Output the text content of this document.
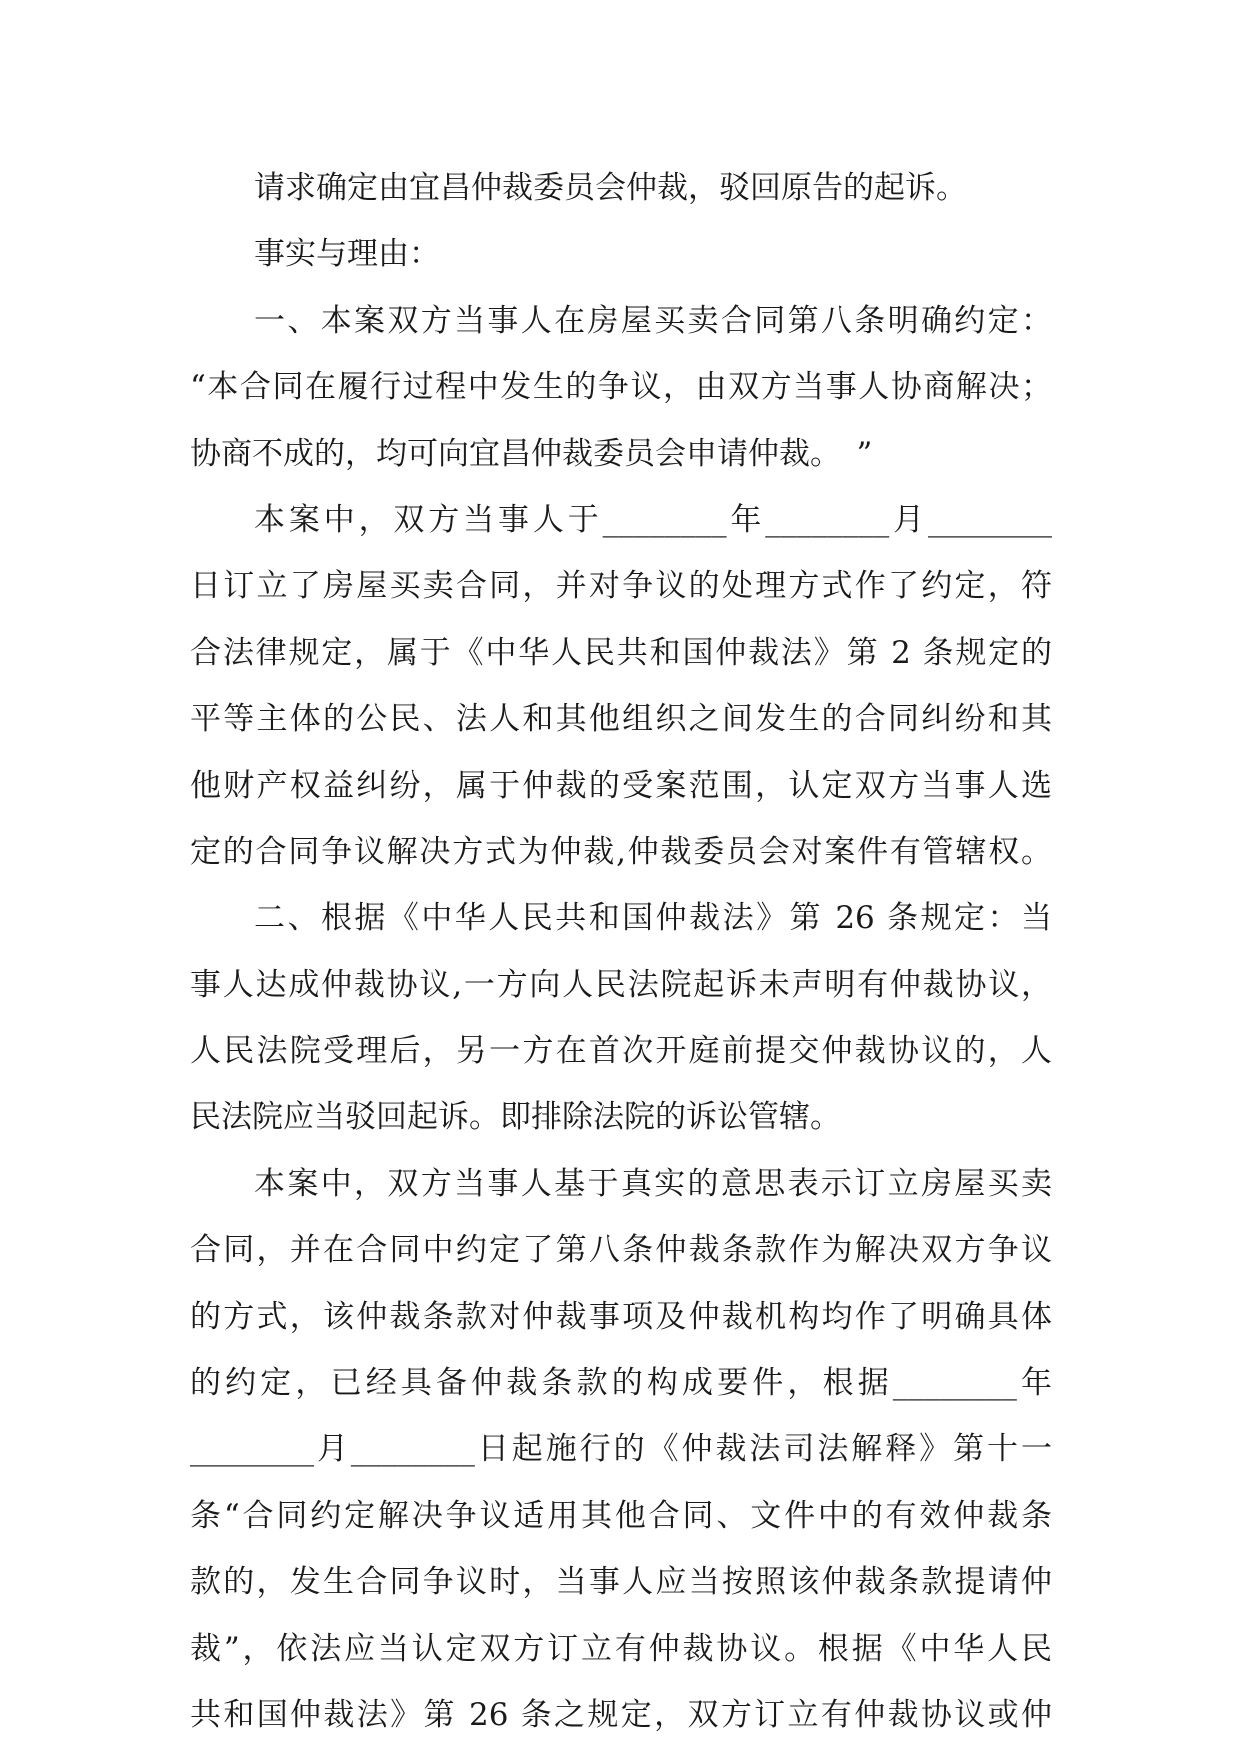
请求确定由宜昌仲裁委员会仲裁，驳回原告的起诉。
事实与理由：
一、本案双方当事人在房屋买卖合同第八条明确约定：
“本合同在履行过程中发生的争议，由双方当事人协商解决；
协商不成的，均可向宜昌仲裁委员会申请仲裁。　”
本案中，双方当事人于________年________月________
日订立了房屋买卖合同，并对争议的处理方式作了约定，符
合法律规定，属于《中华人民共和国仲裁法》第 2 条规定的
平等主体的公民、法人和其他组织之间发生的合同纠纷和其
他财产权益纠纷，属于仲裁的受案范围，认定双方当事人选
定的合同争议解决方式为仲裁,仲裁委员会对案件有管辖权。
二、根据《中华人民共和国仲裁法》第 26 条规定：当
事人达成仲裁协议,一方向人民法院起诉未声明有仲裁协议，
人民法院受理后，另一方在首次开庭前提交仲裁协议的，人
民法院应当驳回起诉。即排除法院的诉讼管辖。
本案中，双方当事人基于真实的意思表示订立房屋买卖
合同，并在合同中约定了第八条仲裁条款作为解决双方争议
的方式，该仲裁条款对仲裁事项及仲裁机构均作了明确具体
的约定，已经具备仲裁条款的构成要件，根据________年
________月________日起施行的《仲裁法司法解释》第十一
条“合同约定解决争议适用其他合同、文件中的有效仲裁条
款的，发生合同争议时，当事人应当按照该仲裁条款提请仲
裁”，依法应当认定双方订立有仲裁协议。根据《中华人民
共和国仲裁法》第 26 条之规定，双方订立有仲裁协议或仲
